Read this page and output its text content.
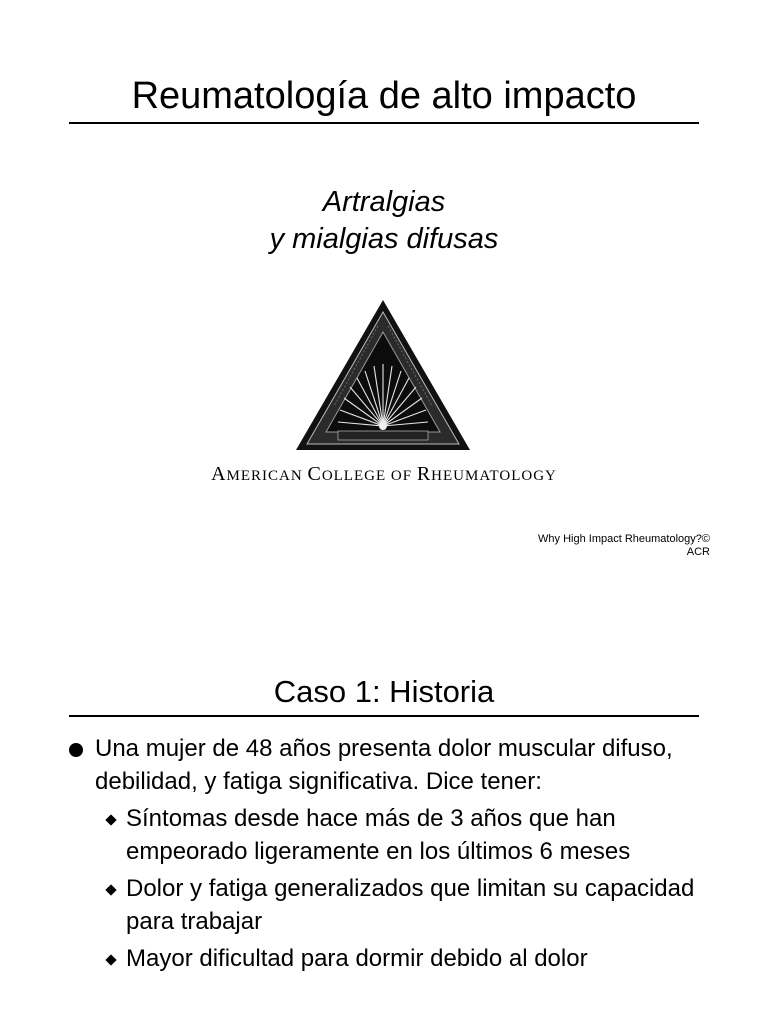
Reumatología de alto impacto
Artralgias
y mialgias difusas
AMERICAN COLLEGE OF RHEUMATOLOGY
Why High Impact Rheumatology?©
ACR
Caso 1: Historia
Una mujer de 48 años presenta dolor muscular difuso, debilidad, y fatiga significativa. Dice tener:
Síntomas desde hace más de 3 años que han empeorado ligeramente en los últimos 6 meses
Dolor y fatiga generalizados que limitan su capacidad para trabajar
Mayor dificultad para dormir debido al dolor
